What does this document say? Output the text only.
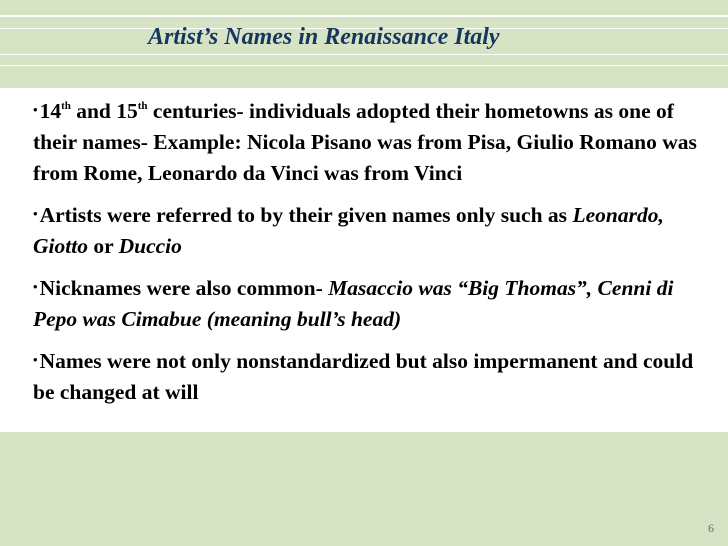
Artist’s Names in Renaissance Italy
•14th and 15th centuries- individuals adopted their hometowns as one of their names- Example: Nicola Pisano was from Pisa, Giulio Romano was from Rome, Leonardo da Vinci was from Vinci
•Artists were referred to by their given names only such as Leonardo, Giotto or Duccio
•Nicknames were also common- Masaccio was “Big Thomas”, Cenni di Pepo was Cimabue (meaning bull’s head)
•Names were not only nonstandardized but also impermanent and could be changed at will
6
